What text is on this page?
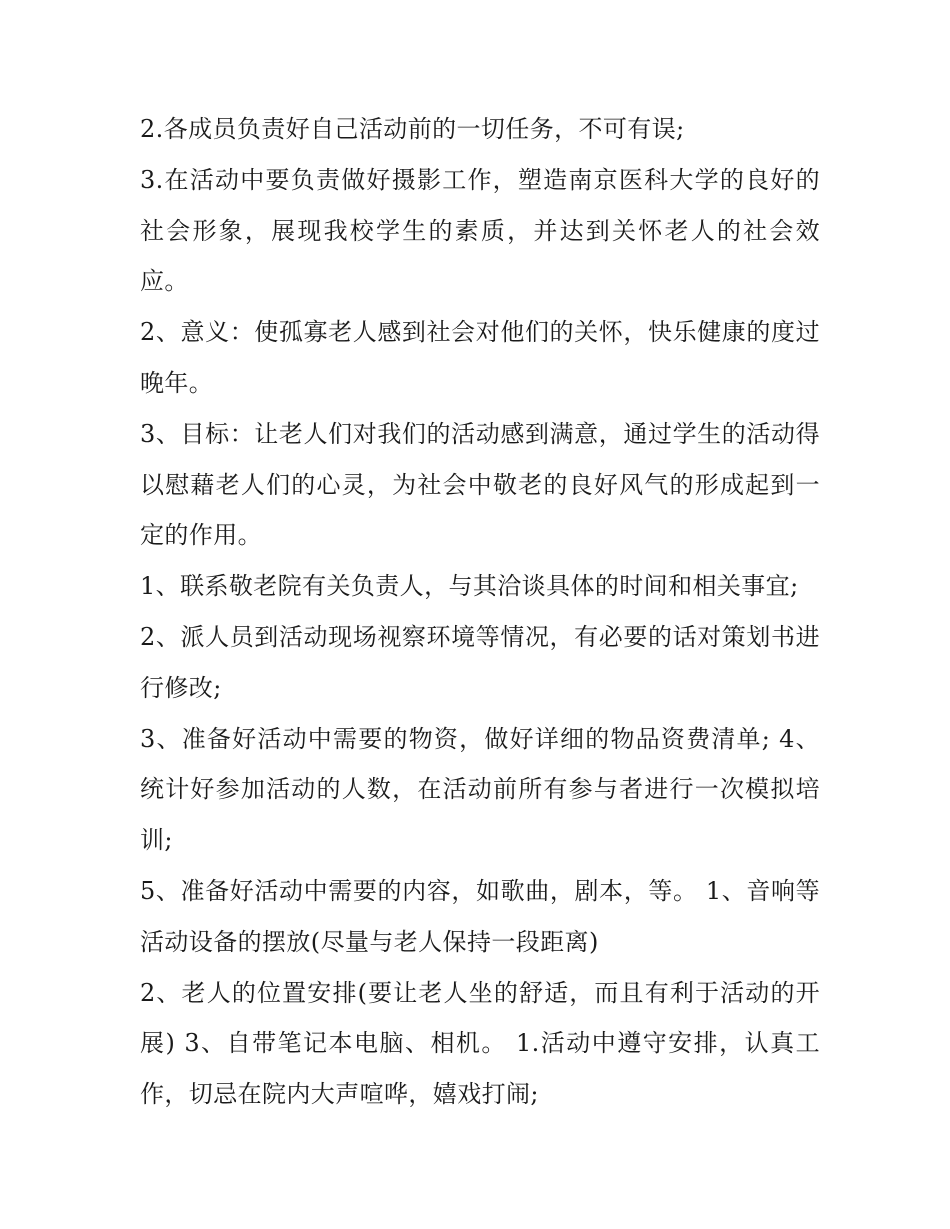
2.各成员负责好自己活动前的一切任务，不可有误;

3.在活动中要负责做好摄影工作，塑造南京医科大学的良好的社会形象，展现我校学生的素质，并达到关怀老人的社会效应。

2、意义：使孤寡老人感到社会对他们的关怀，快乐健康的度过晚年。

3、目标：让老人们对我们的活动感到满意，通过学生的活动得以慰藉老人们的心灵，为社会中敬老的良好风气的形成起到一定的作用。

1、联系敬老院有关负责人，与其洽谈具体的时间和相关事宜;

2、派人员到活动现场视察环境等情况，有必要的话对策划书进行修改;

3、准备好活动中需要的物资，做好详细的物品资费清单; 4、统计好参加活动的人数，在活动前所有参与者进行一次模拟培训;

5、准备好活动中需要的内容，如歌曲，剧本，等。 1、音响等活动设备的摆放(尽量与老人保持一段距离)

2、老人的位置安排(要让老人坐的舒适，而且有利于活动的开展) 3、自带笔记本电脑、相机。 1.活动中遵守安排，认真工作，切忌在院内大声喧哗，嬉戏打闹;
